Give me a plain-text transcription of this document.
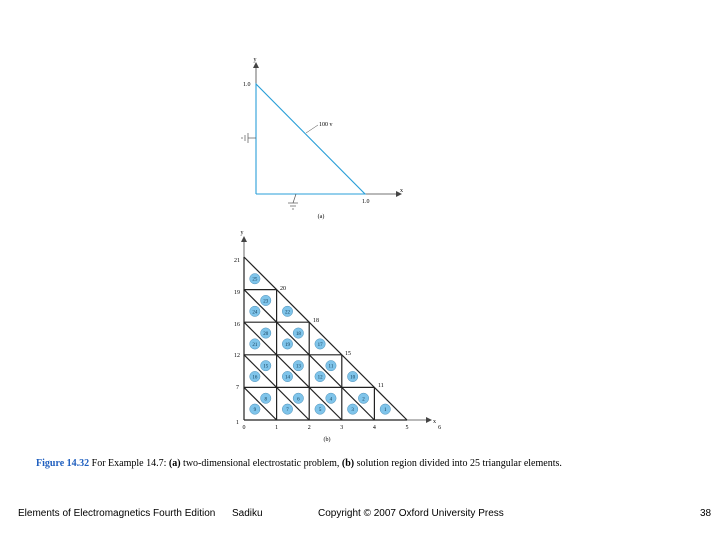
y
x
1.0
1.0
100 v
(a)
y
x
25
24
23
22
21
20
19
18
17
16
15
14
13
12
11
10
9
8
7
6
5
4
3
2
1
20
18
15
11
21
19
16
12
7
1
0	1	2	3	4	5	6
(b)
Figure 14.32 For Example 14.7: (a) two-dimensional electrostatic problem, (b) solution region divided into 25 triangular elements.
Elements of Electromagnetics Fourth Edition Sadiku	Copyright © 2007 Oxford University Press	38
